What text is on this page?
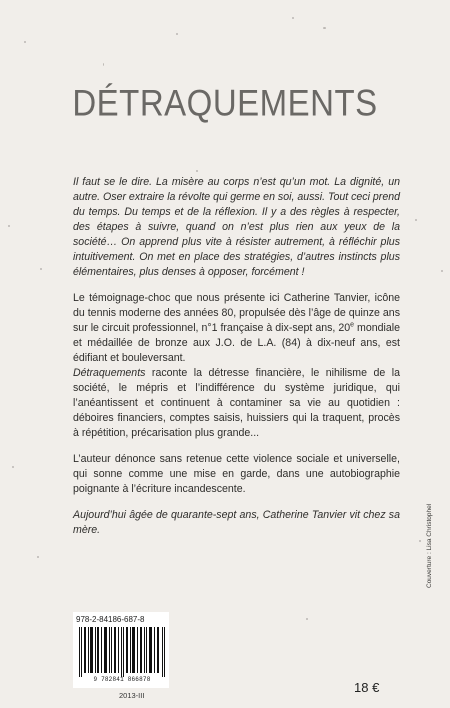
DÉTRAQUEMENTS

Il faut se le dire. La misère au corps n’est qu’un mot. La dignité, un autre. Oser extraire la révolte qui germe en soi, aussi. Tout ceci prend du temps. Du temps et de la réflexion. Il y a des règles à respecter, des étapes à suivre, quand on n’est plus rien aux yeux de la société… On apprend plus vite à résister autrement, à réfléchir plus intuitivement. On met en place des stratégies, d’autres instincts plus élémentaires, plus denses à opposer, forcément !

Le témoignage-choc que nous présente ici Catherine Tanvier, icône du tennis moderne des années 80, propulsée dès l’âge de quinze ans sur le circuit professionnel, n°1 française à dix-sept ans, 20e mondiale et médaillée de bronze aux J.O. de L.A. (84) à dix-neuf ans, est édifiant et bouleversant.
Détraquements raconte la détresse financière, le nihilisme de la société, le mépris et l’indifférence du système juridique, qui l’anéantissent et continuent à contaminer sa vie au quotidien : déboires financiers, comptes saisis, huissiers qui la traquent, procès à répétition, précarisation plus grande...

L’auteur dénonce sans retenue cette violence sociale et universelle, qui sonne comme une mise en garde, dans une autobiographie poignante à l’écriture incandescente.

Aujourd’hui âgée de quarante-sept ans, Catherine Tanvier vit chez sa mère.	Couverture : Lisa Christophel
978-2-84186-687-8
9 782841 866878
2013-III
18 €
